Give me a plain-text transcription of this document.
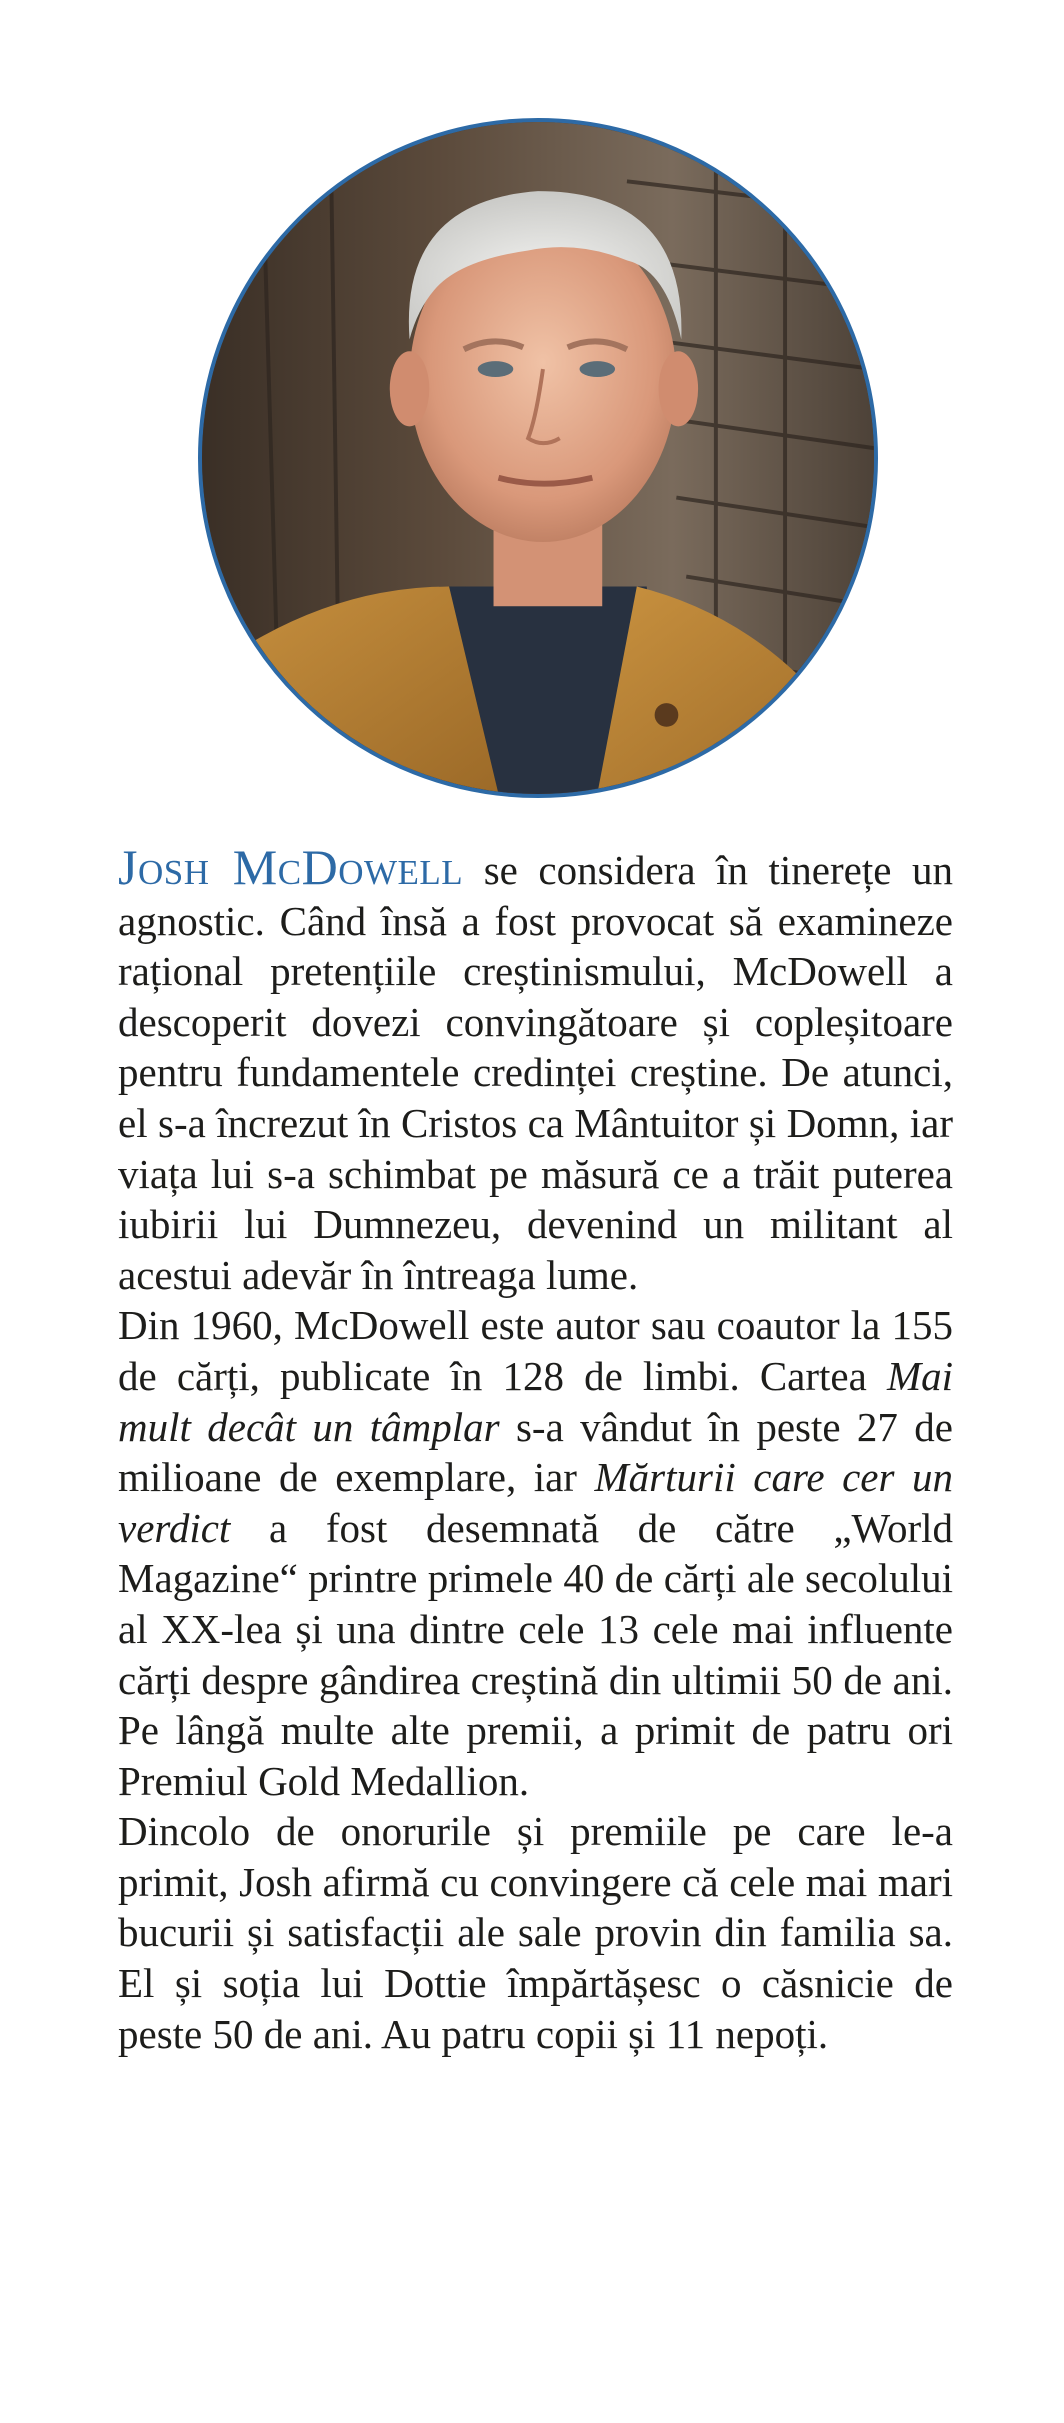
Josh McDowell se considera în tinerețe un agnostic. Când însă a fost provocat să examineze rațional pretențiile creștinismului, McDowell a descoperit dovezi convingătoare și copleșitoare pentru fundamentele credinței creștine. De atunci, el s-a încrezut în Cristos ca Mântuitor și Domn, iar viața lui s-a schimbat pe măsură ce a trăit puterea iubirii lui Dumnezeu, devenind un militant al acestui adevăr în întreaga lume.

Din 1960, McDowell este autor sau coautor la 155 de cărți, publicate în 128 de limbi. Cartea Mai mult decât un tâmplar s-a vândut în peste 27 de milioane de exemplare, iar Mărturii care cer un verdict a fost desemnată de către „World Magazine“ printre primele 40 de cărți ale secolului al XX-lea și una dintre cele 13 cele mai influente cărți despre gândirea creștină din ultimii 50 de ani. Pe lângă multe alte premii, a primit de patru ori Premiul Gold Medallion.

Dincolo de onorurile și premiile pe care le-a primit, Josh afirmă cu convingere că cele mai mari bucurii și satisfacții ale sale provin din familia sa. El și soția lui Dottie împărtășesc o căsnicie de peste 50 de ani. Au patru copii și 11 nepoți.
